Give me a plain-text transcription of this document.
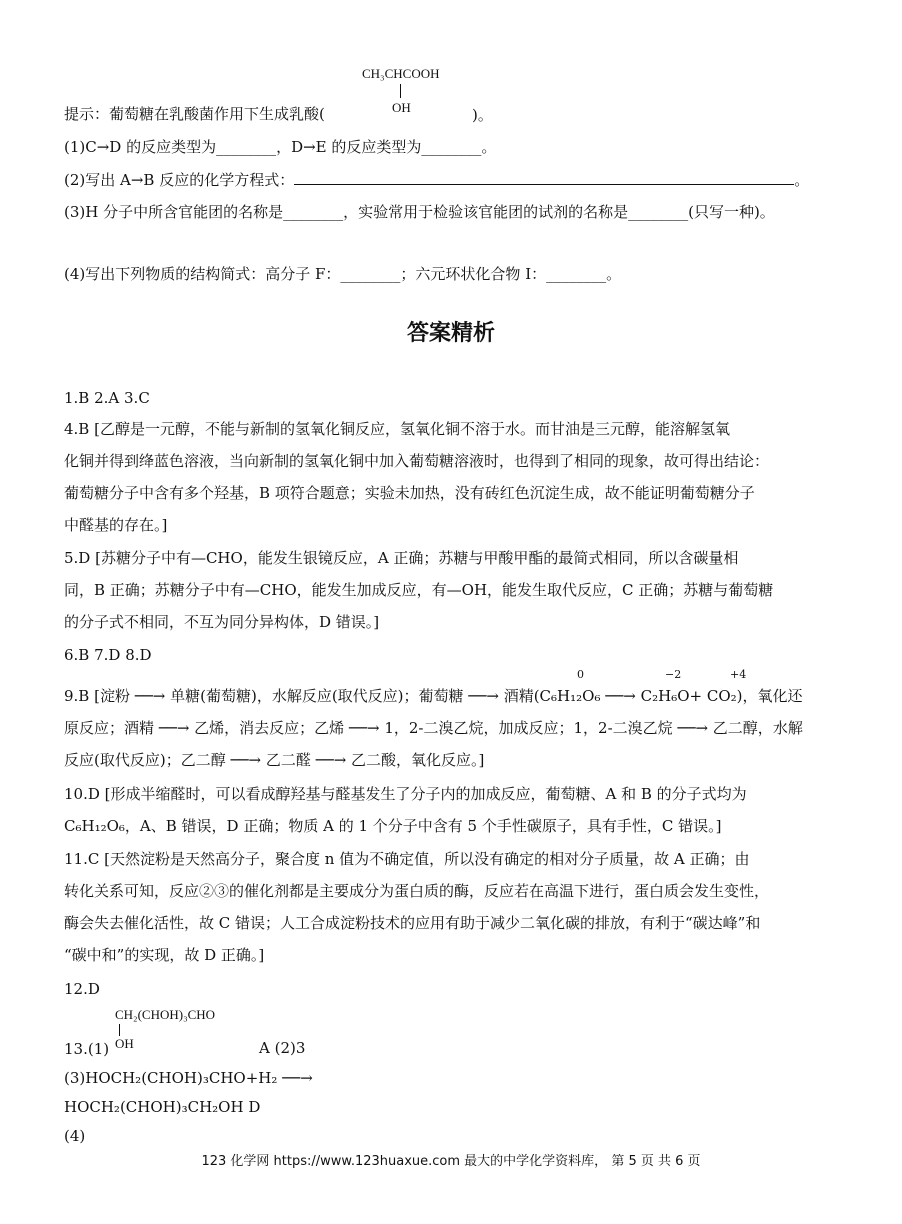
CH₃CHCOOH
OH
提示：葡萄糖在乳酸菌作用下生成乳酸(	)。
(1)C→D 的反应类型为________，D→E 的反应类型为________。
(2)写出 A→B 反应的化学方程式：	。
(3)H 分子中所含官能团的名称是________，实验常用于检验该官能团的试剂的名称是________(只写一种)。
(4)写出下列物质的结构简式：高分子 F：________；六元环状化合物 I：________。
答案精析
1.B 2.A 3.C
4.B [乙醇是一元醇，不能与新制的氢氧化铜反应，氢氧化铜不溶于水。而甘油是三元醇，能溶解氢氧
化铜并得到绛蓝色溶液，当向新制的氢氧化铜中加入葡萄糖溶液时，也得到了相同的现象，故可得出结论：
葡萄糖分子中含有多个羟基，B 项符合题意；实验未加热，没有砖红色沉淀生成，故不能证明葡萄糖分子
中醛基的存在。]
5.D [苏糖分子中有—CHO，能发生银镜反应，A 正确；苏糖与甲酸甲酯的最简式相同，所以含碳量相
同，B 正确；苏糖分子中有—CHO，能发生加成反应，有—OH，能发生取代反应，C 正确；苏糖与葡萄糖
的分子式不相同，不互为同分异构体，D 错误。]
6.B 7.D 8.D
0	−2	+4
9.B [淀粉 ──→ 单糖(葡萄糖)，水解反应(取代反应)；葡萄糖 ──→ 酒精(C₆H₁₂O₆ ──→ C₂H₆O+ CO₂)，氧化还
原反应；酒精 ──→ 乙烯，消去反应；乙烯 ──→ 1，2-二溴乙烷，加成反应；1，2-二溴乙烷 ──→ 乙二醇，水解
反应(取代反应)；乙二醇 ──→ 乙二醛 ──→ 乙二酸，氧化反应。]
10.D [形成半缩醛时，可以看成醇羟基与醛基发生了分子内的加成反应，葡萄糖、A 和 B 的分子式均为
C₆H₁₂O₆，A、B 错误，D 正确；物质 A 的 1 个分子中含有 5 个手性碳原子，具有手性，C 错误。]
11.C [天然淀粉是天然高分子，聚合度 n 值为不确定值，所以没有确定的相对分子质量，故 A 正确；由
转化关系可知，反应②③的催化剂都是主要成分为蛋白质的酶，反应若在高温下进行，蛋白质会发生变性，
酶会失去催化活性，故 C 错误；人工合成淀粉技术的应用有助于减少二氧化碳的排放，有利于“碳达峰”和
“碳中和”的实现，故 D 正确。]
12.D
CH₂(CHOH)₃CHO
OH
13.(1)	A (2)3
(3)HOCH₂(CHOH)₃CHO+H₂ ──→
HOCH₂(CHOH)₃CH₂OH D
(4)
123 化学网 https://www.123huaxue.com 最大的中学化学资料库， 第 5 页 共 6 页
